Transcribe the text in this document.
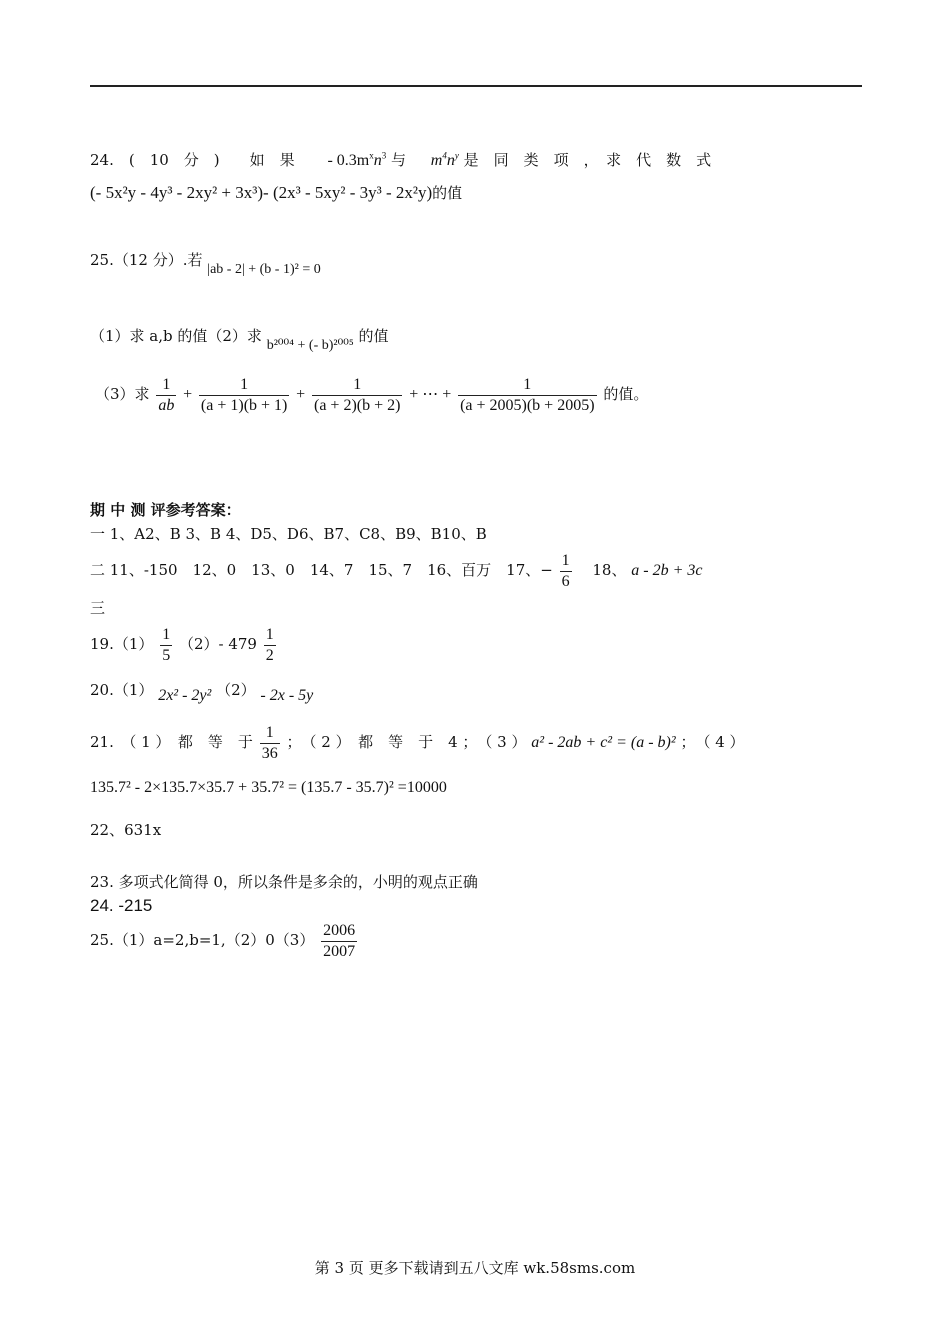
24.　(　10　分　)　　如　果 - $0.3m^xn^3$ 与 $m^4n^y$ 是　同　类　项　，　求　代　数　式
(- 5x²y - 4y³ - 2xy² + 3x³)- (2x³ - 5xy² - 3y³ - 2x²y)的值
25.（12 分）.若 |ab - 2| + (b - 1)² = 0
（1）求 a,b 的值（2）求 b²⁰⁰⁴ + (- b)²⁰⁰⁵ 的值
（3）求 $\frac{1}{ab} + \frac{1}{(a + 1)(b + 1)} + \frac{1}{(a + 2)(b + 2)}$ + ⋯ + $\frac{1}{(a + 2005)(b + 2005)}$ 的值。
期 中 测 评参考答案：
一 1、A2、B 3、B 4、D5、D6、B7、C8、B9、B10、B
二 11、-150　12、0　13、0　14、7　15、7　16、百万　17、− $\frac{1}{6} 18$、 a - 2b + 3c
三
$19.(1) \frac{1}{5} (2)-$ $479 \frac{1}{2}$
20.（1） 2x² - 2y² （2） - 2x - 5y
21.　（ 1 ）　都　等　于 $\frac{1}{36}$ ；　（ 2 ）　都　等　于　4 ；　（ 3 ） a² - 2ab + c² = (a - b)² ；　（ 4 ）
135.7² - 2×135.7×35.7 + 35.7² = (135.7 - 35.7)² =10000
22、631x
23. 多项式化简得 0，所以条件是多余的，小明的观点正确
24. -215
$25.(1)a=2,b=1,(2)0(3) \frac{2006}{2007}$
第 3 页 更多下载请到五八文库 wk.58sms.com
